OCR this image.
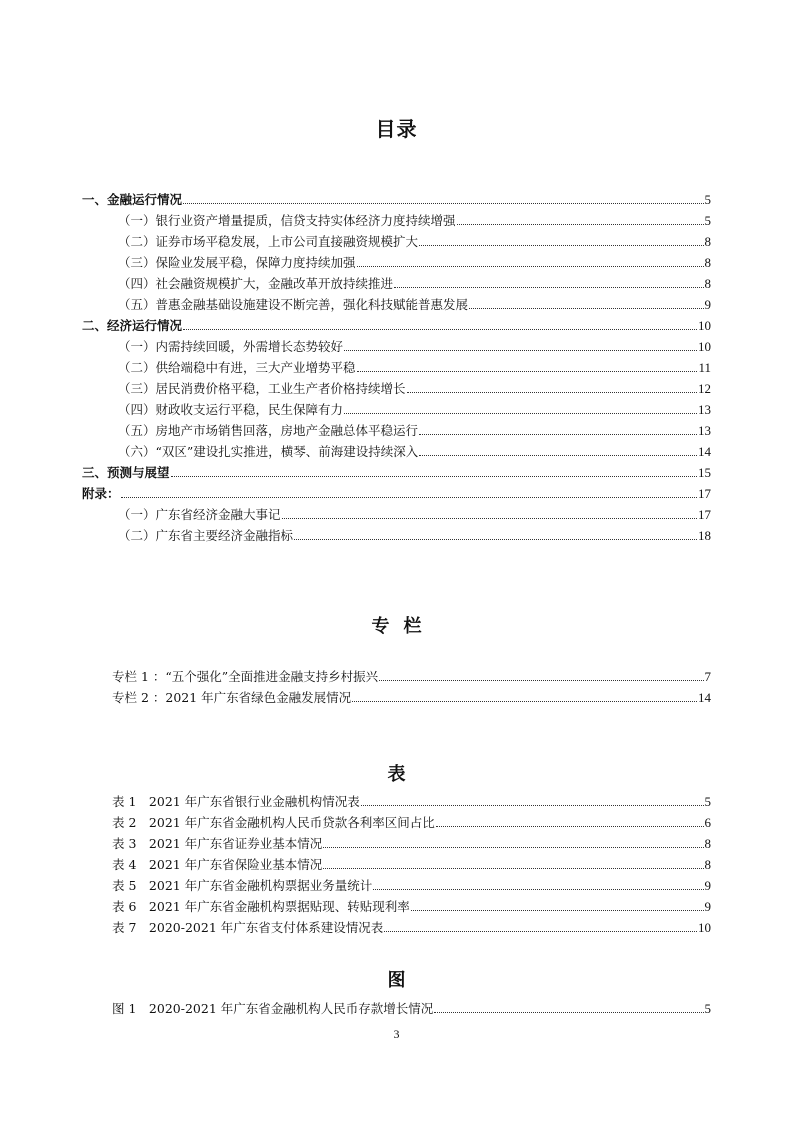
目录
一、金融运行情况	5
（一）银行业资产增量提质，信贷支持实体经济力度持续增强	5
（二）证券市场平稳发展，上市公司直接融资规模扩大	8
（三）保险业发展平稳，保障力度持续加强	8
（四）社会融资规模扩大，金融改革开放持续推进	8
（五）普惠金融基础设施建设不断完善，强化科技赋能普惠发展	9
二、经济运行情况	10
（一）内需持续回暖，外需增长态势较好	10
（二）供给端稳中有进，三大产业增势平稳	11
（三）居民消费价格平稳，工业生产者价格持续增长	12
（四）财政收支运行平稳，民生保障有力	13
（五）房地产市场销售回落，房地产金融总体平稳运行	13
（六）“双区”建设扎实推进，横琴、前海建设持续深入	14
三、预测与展望	15
附录：	17
（一）广东省经济金融大事记	17
（二）广东省主要经济金融指标	18
专栏
专栏 1 ：“五个强化”全面推进金融支持乡村振兴	7
专栏 2 ：2021 年广东省绿色金融发展情况	14
表
表 1　2021 年广东省银行业金融机构情况表	5
表 2　2021 年广东省金融机构人民币贷款各利率区间占比	6
表 3　2021 年广东省证券业基本情况	8
表 4　2021 年广东省保险业基本情况	8
表 5　2021 年广东省金融机构票据业务量统计	9
表 6　2021 年广东省金融机构票据贴现、转贴现利率	9
表 7　2020-2021 年广东省支付体系建设情况表	10
图
图 1　2020-2021 年广东省金融机构人民币存款增长情况	5
3
